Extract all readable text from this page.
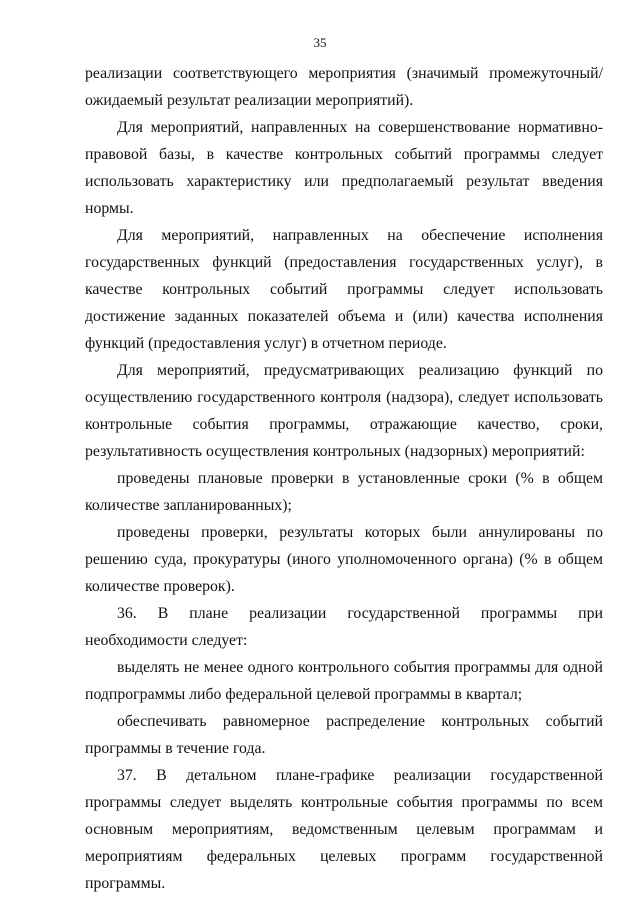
35

реализации соответствующего мероприятия (значимый промежуточный/ожидаемый результат реализации мероприятий).

Для мероприятий, направленных на совершенствование нормативно-правовой базы, в качестве контрольных событий программы следует использовать характеристику или предполагаемый результат введения нормы.

Для мероприятий, направленных на обеспечение исполнения государственных функций (предоставления государственных услуг), в качестве контрольных событий программы следует использовать достижение заданных показателей объема и (или) качества исполнения функций (предоставления услуг) в отчетном периоде.

Для мероприятий, предусматривающих реализацию функций по осуществлению государственного контроля (надзора), следует использовать контрольные события программы, отражающие качество, сроки, результативность осуществления контрольных (надзорных) мероприятий:

проведены плановые проверки в установленные сроки (% в общем количестве запланированных);

проведены проверки, результаты которых были аннулированы по решению суда, прокуратуры (иного уполномоченного органа) (% в общем количестве проверок).

36. В плане реализации государственной программы при необходимости следует:

выделять не менее одного контрольного события программы для одной подпрограммы либо федеральной целевой программы в квартал;

обеспечивать равномерное распределение контрольных событий программы в течение года.

37. В детальном плане-графике реализации государственной программы следует выделять контрольные события программы по всем основным мероприятиям, ведомственным целевым программам и мероприятиям федеральных целевых программ государственной программы.
